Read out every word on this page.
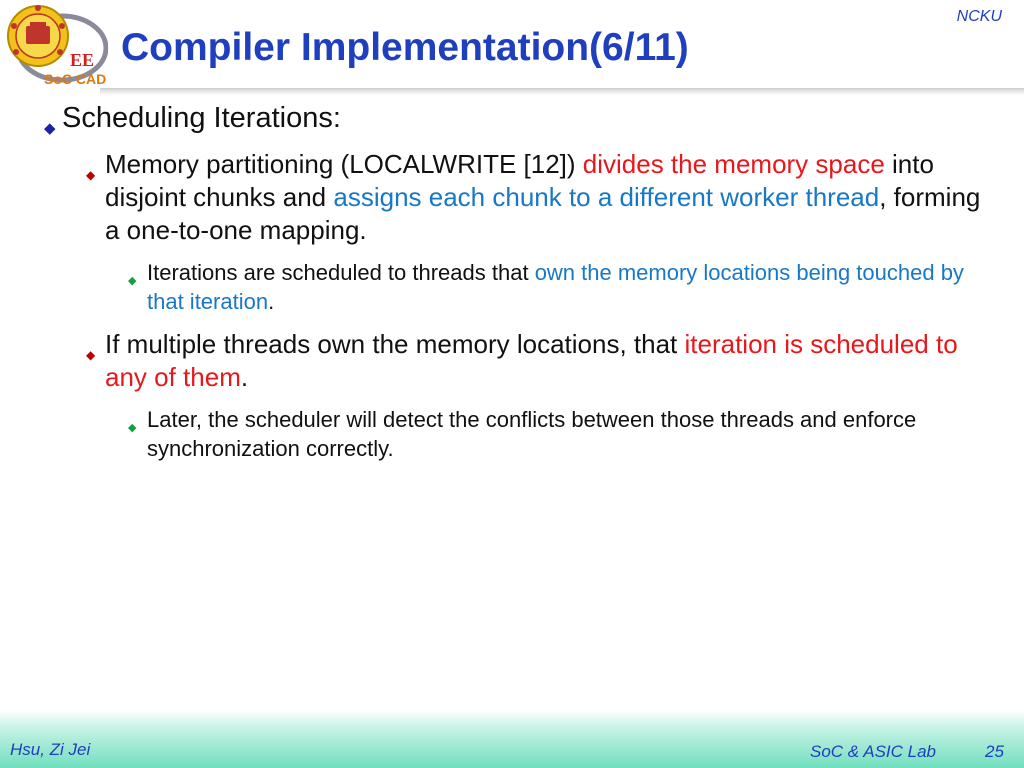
EE
SoC CAD
NCKU
Compiler Implementation(6/11)
◆ Scheduling Iterations:
◆ Memory partitioning (LOCALWRITE [12]) divides the memory space into disjoint chunks and assigns each chunk to a different worker thread, forming a one-to-one mapping.
◆ Iterations are scheduled to threads that own the memory locations being touched by that iteration.
◆ If multiple threads own the memory locations, that iteration is scheduled to any of them.
◆ Later, the scheduler will detect the conflicts between those threads and enforce synchronization correctly.
Hsu, Zi Jei	SoC & ASIC Lab	25
